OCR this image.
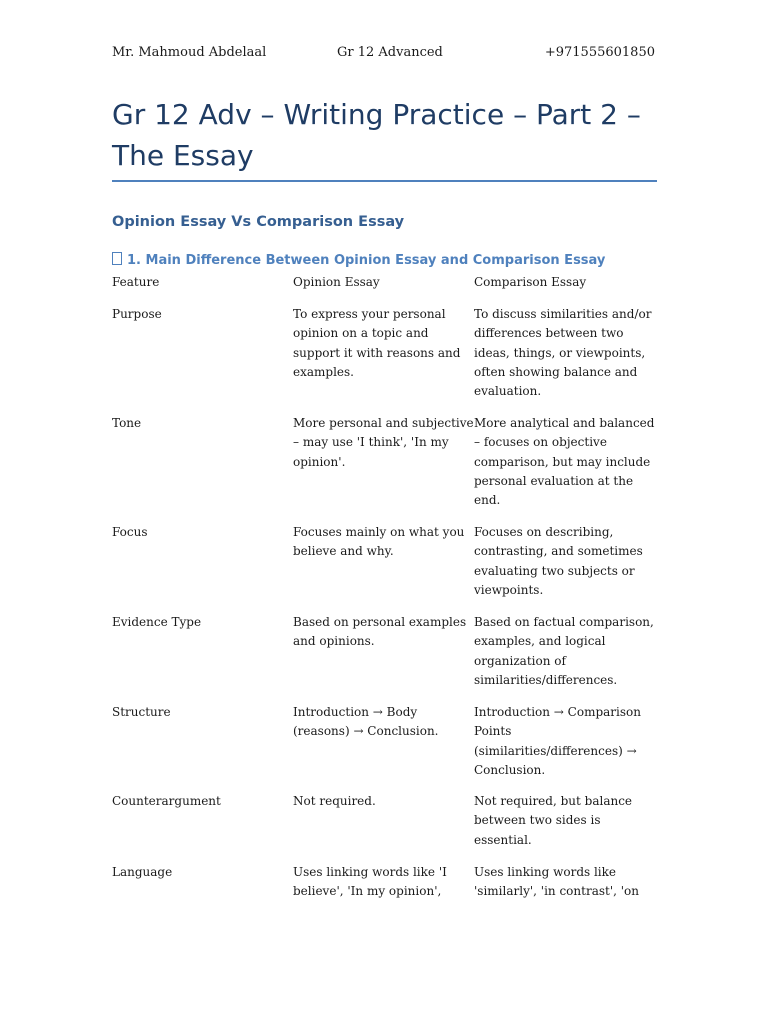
Mr. Mahmoud Abdelaal	Gr 12 Advanced	+971555601850
Gr 12 Adv – Writing Practice – Part 2 – The Essay
Opinion Essay Vs Comparison Essay
1. Main Difference Between Opinion Essay and Comparison Essay
Feature	Opinion Essay	Comparison Essay
Purpose	To express your personal opinion on a topic and support it with reasons and examples.	To discuss similarities and/or differences between two ideas, things, or viewpoints, often showing balance and evaluation.
Tone	More personal and subjective – may use 'I think', 'In my opinion'.	More analytical and balanced – focuses on objective comparison, but may include personal evaluation at the end.
Focus	Focuses mainly on what you believe and why.	Focuses on describing, contrasting, and sometimes evaluating two subjects or viewpoints.
Evidence Type	Based on personal examples and opinions.	Based on factual comparison, examples, and logical organization of similarities/differences.
Structure	Introduction → Body (reasons) → Conclusion.	Introduction → Comparison Points (similarities/differences) → Conclusion.
Counterargument	Not required.	Not required, but balance between two sides is essential.
Language	Uses linking words like 'I believe', 'In my opinion',	Uses linking words like 'similarly', 'in contrast', 'on
